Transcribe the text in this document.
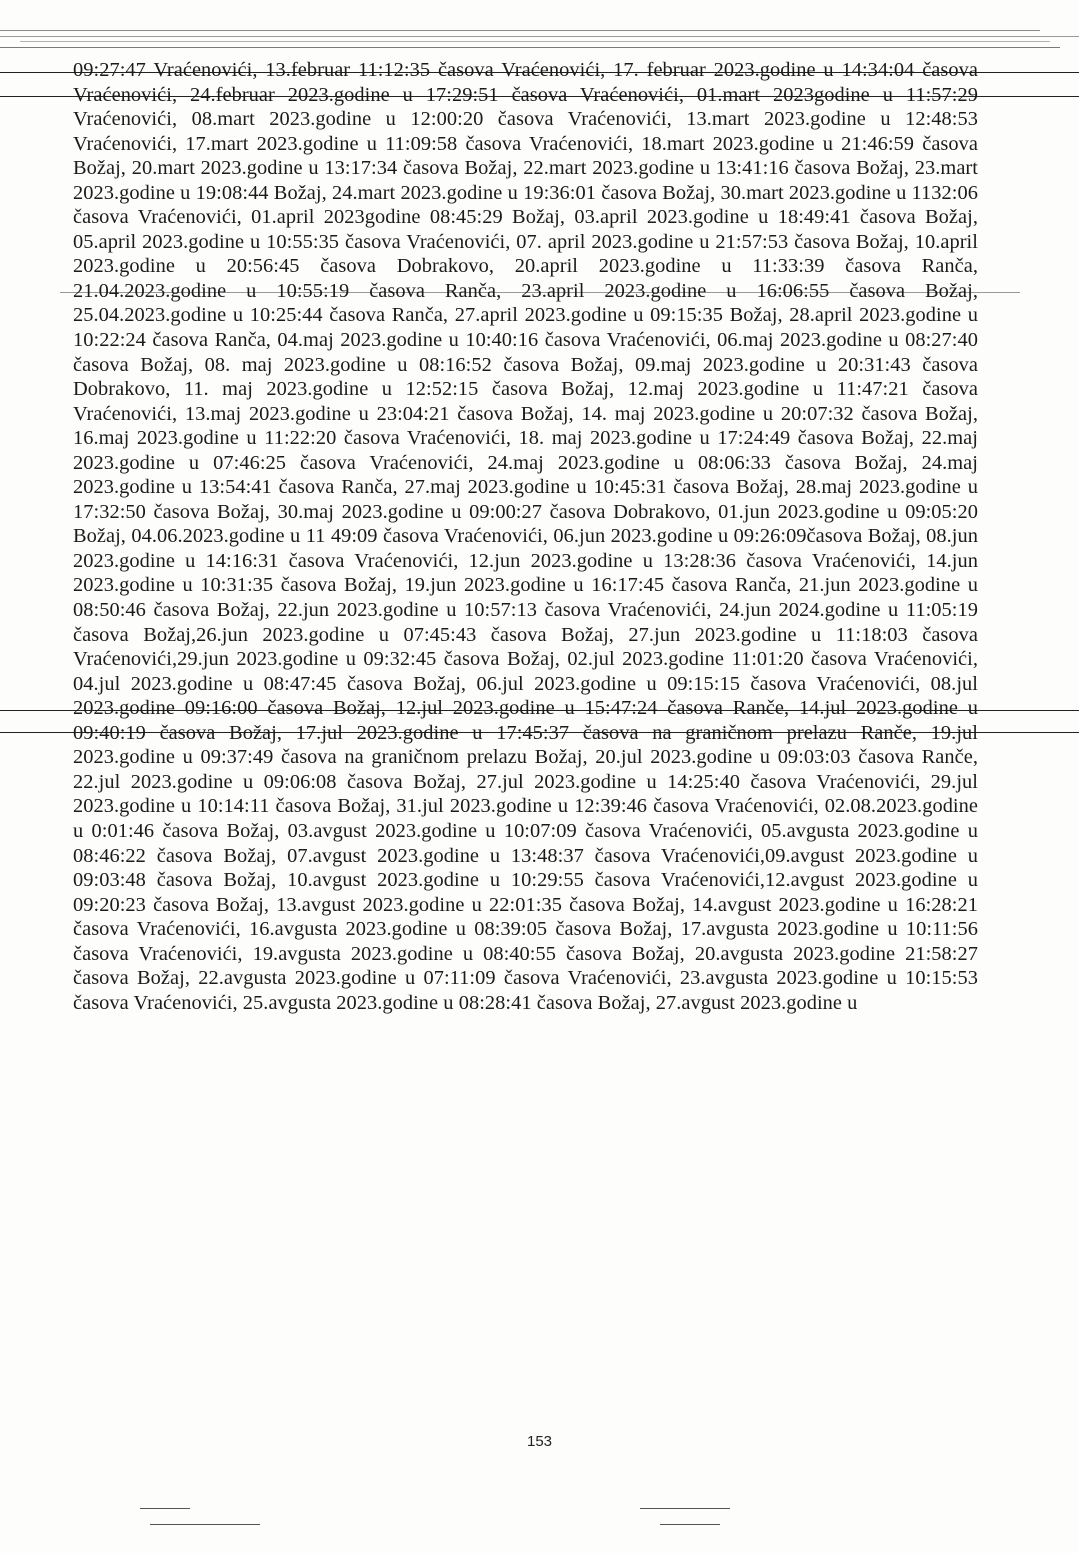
09:27:47 Vraćenovići, 13.februar 11:12:35 časova Vraćenovići, 17. februar 2023.godine u 14:34:04 časova Vraćenovići, 24.februar 2023.godine u 17:29:51 časova Vraćenovići, 01.mart 2023godine u 11:57:29 Vraćenovići, 08.mart 2023.godine u 12:00:20 časova Vraćenovići, 13.mart 2023.godine u 12:48:53 Vraćenovići, 17.mart 2023.godine u 11:09:58 časova Vraćenovići, 18.mart 2023.godine u 21:46:59 časova Božaj, 20.mart 2023.godine u 13:17:34 časova Božaj, 22.mart 2023.godine u 13:41:16 časova Božaj, 23.mart 2023.godine u 19:08:44 Božaj, 24.mart 2023.godine u 19:36:01 časova Božaj, 30.mart 2023.godine u 1132:06 časova Vraćenovići, 01.april 2023godine 08:45:29 Božaj, 03.april 2023.godine u 18:49:41 časova Božaj, 05.april 2023.godine u 10:55:35 časova Vraćenovići, 07. april 2023.godine u 21:57:53 časova Božaj, 10.april 2023.godine u 20:56:45 časova Dobrakovo, 20.april 2023.godine u 11:33:39 časova Ranča, 21.04.2023.godine u 10:55:19 časova Ranča, 23.april 2023.godine u 16:06:55 časova Božaj, 25.04.2023.godine u 10:25:44 časova Ranča, 27.april 2023.godine u 09:15:35 Božaj, 28.april 2023.godine u 10:22:24 časova Ranča, 04.maj 2023.godine u 10:40:16 časova Vraćenovići, 06.maj 2023.godine u 08:27:40 časova Božaj, 08. maj 2023.godine u 08:16:52 časova Božaj, 09.maj 2023.godine u 20:31:43 časova Dobrakovo, 11. maj 2023.godine u 12:52:15 časova Božaj, 12.maj 2023.godine u 11:47:21 časova Vraćenovići, 13.maj 2023.godine u 23:04:21 časova Božaj, 14. maj 2023.godine u 20:07:32 časova Božaj, 16.maj 2023.godine u 11:22:20 časova Vraćenovići, 18. maj 2023.godine u 17:24:49 časova Božaj, 22.maj 2023.godine u 07:46:25 časova Vraćenovići, 24.maj 2023.godine u 08:06:33 časova Božaj, 24.maj 2023.godine u 13:54:41 časova Ranča, 27.maj 2023.godine u 10:45:31 časova Božaj, 28.maj 2023.godine u 17:32:50 časova Božaj, 30.maj 2023.godine u 09:00:27 časova Dobrakovo, 01.jun 2023.godine u 09:05:20 Božaj, 04.06.2023.godine u 11 49:09 časova Vraćenovići, 06.jun 2023.godine u 09:26:09časova Božaj, 08.jun 2023.godine u 14:16:31 časova Vraćenovići, 12.jun 2023.godine u 13:28:36 časova Vraćenovići, 14.jun 2023.godine u 10:31:35 časova Božaj, 19.jun 2023.godine u 16:17:45 časova Ranča, 21.jun 2023.godine u 08:50:46 časova Božaj, 22.jun 2023.godine u 10:57:13 časova Vraćenovići, 24.jun 2024.godine u 11:05:19 časova Božaj,26.jun 2023.godine u 07:45:43 časova Božaj, 27.jun 2023.godine u 11:18:03 časova Vraćenovići,29.jun 2023.godine u 09:32:45 časova Božaj, 02.jul 2023.godine 11:01:20 časova Vraćenovići, 04.jul 2023.godine u 08:47:45 časova Božaj, 06.jul 2023.godine u 09:15:15 časova Vraćenovići, 08.jul 2023.godine 09:16:00 časova Božaj, 12.jul 2023.godine u 15:47:24 časova Ranče, 14.jul 2023.godine u 09:40:19 časova Božaj, 17.jul 2023.godine u 17:45:37 časova na graničnom prelazu Ranče, 19.jul 2023.godine u 09:37:49 časova na graničnom prelazu Božaj, 20.jul 2023.godine u 09:03:03 časova Ranče, 22.jul 2023.godine u 09:06:08 časova Božaj, 27.jul 2023.godine u 14:25:40 časova Vraćenovići, 29.jul 2023.godine u 10:14:11 časova Božaj, 31.jul 2023.godine u 12:39:46 časova Vraćenovići, 02.08.2023.godine u 0:01:46 časova Božaj, 03.avgust 2023.godine u 10:07:09 časova Vraćenovići, 05.avgusta 2023.godine u 08:46:22 časova Božaj, 07.avgust 2023.godine u 13:48:37 časova Vraćenovići,09.avgust 2023.godine u 09:03:48 časova Božaj, 10.avgust 2023.godine u 10:29:55 časova Vraćenovići,12.avgust 2023.godine u 09:20:23 časova Božaj, 13.avgust 2023.godine u 22:01:35 časova Božaj, 14.avgust 2023.godine u 16:28:21 časova Vraćenovići, 16.avgusta 2023.godine u 08:39:05 časova Božaj, 17.avgusta 2023.godine u 10:11:56 časova Vraćenovići, 19.avgusta 2023.godine u 08:40:55 časova Božaj, 20.avgusta 2023.godine 21:58:27 časova Božaj, 22.avgusta 2023.godine u 07:11:09 časova Vraćenovići, 23.avgusta 2023.godine u 10:15:53 časova Vraćenovići, 25.avgusta 2023.godine u 08:28:41 časova Božaj, 27.avgust 2023.godine u

153
